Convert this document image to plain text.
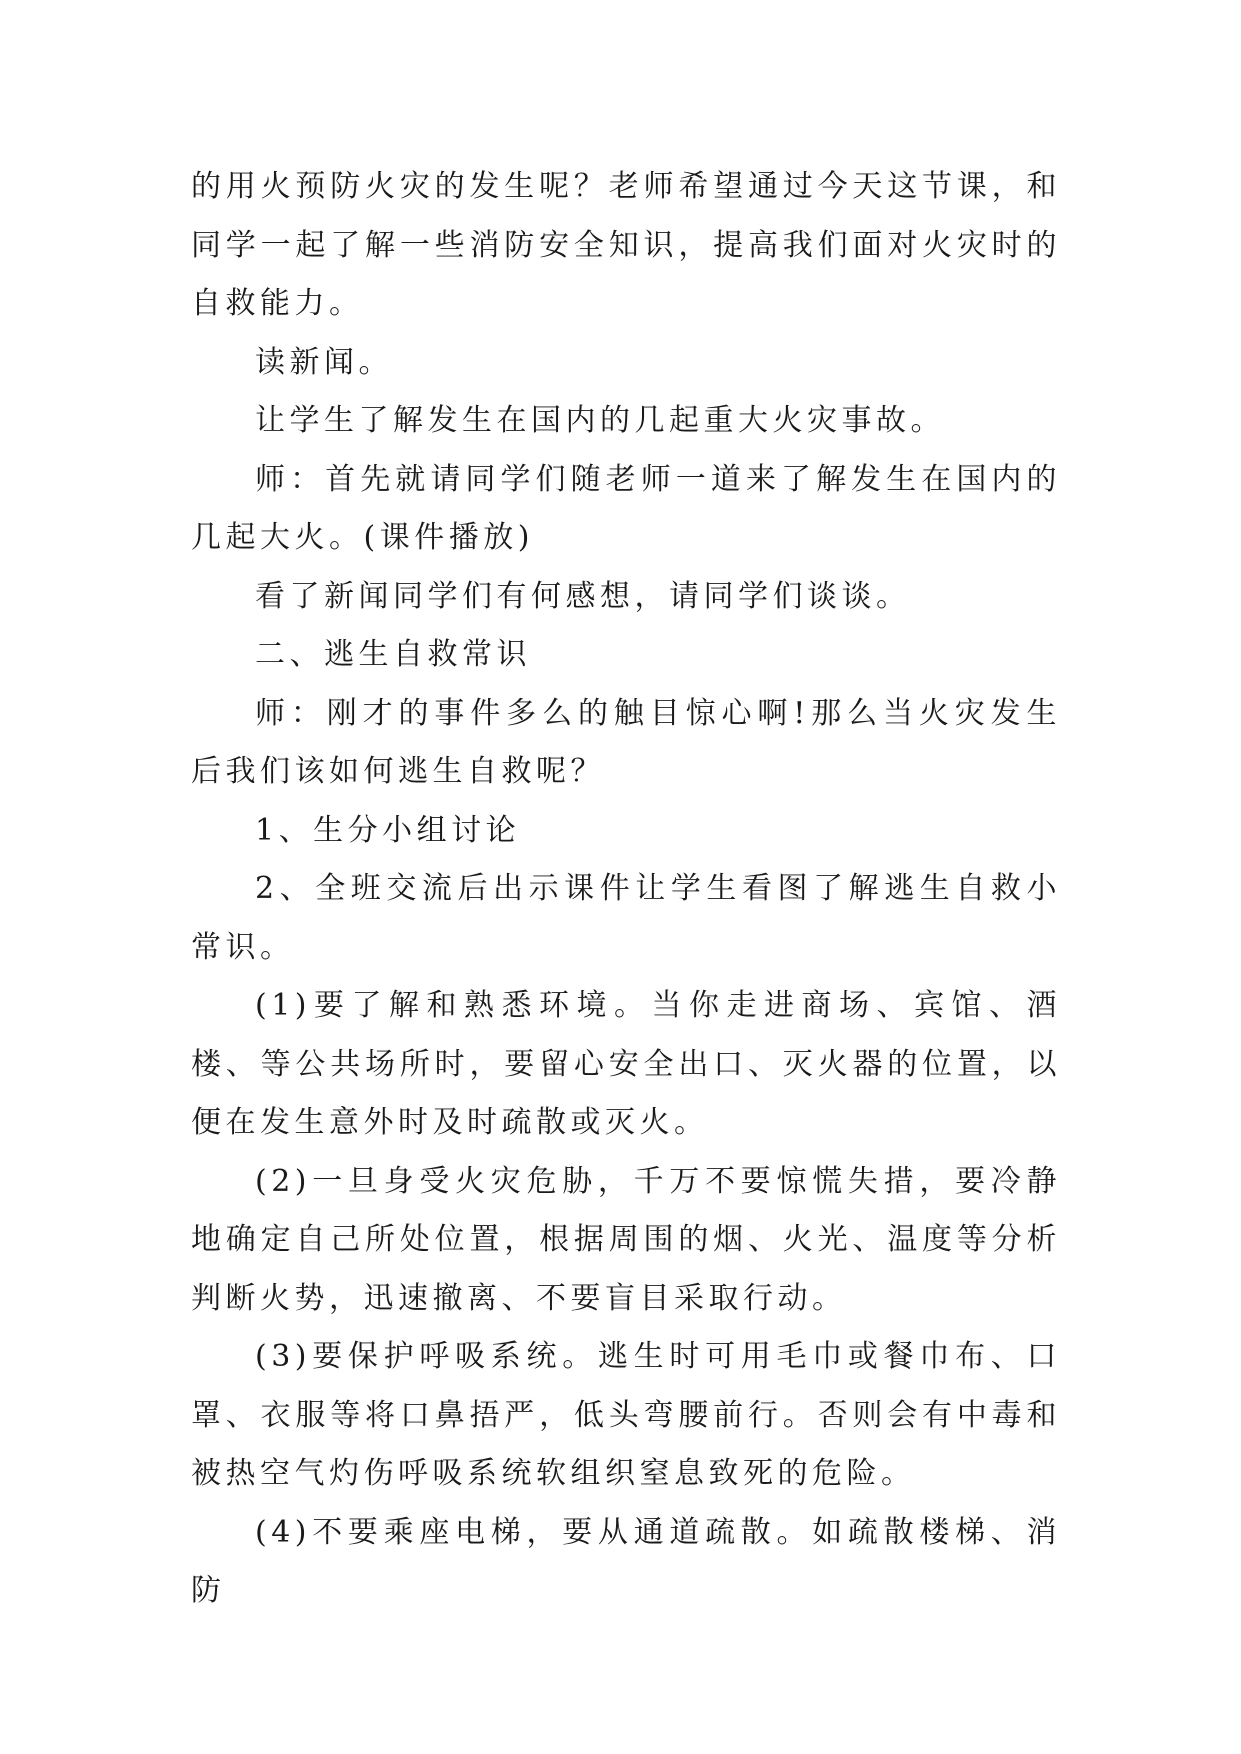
的用火预防火灾的发生呢？老师希望通过今天这节课，和同学一起了解一些消防安全知识，提高我们面对火灾时的自救能力。

读新闻。

让学生了解发生在国内的几起重大火灾事故。

师：首先就请同学们随老师一道来了解发生在国内的几起大火。(课件播放)

看了新闻同学们有何感想，请同学们谈谈。

二、逃生自救常识

师：刚才的事件多么的触目惊心啊!那么当火灾发生后我们该如何逃生自救呢？

1、生分小组讨论

2、全班交流后出示课件让学生看图了解逃生自救小常识。

(1)要了解和熟悉环境。当你走进商场、宾馆、酒楼、等公共场所时，要留心安全出口、灭火器的位置，以便在发生意外时及时疏散或灭火。

(2)一旦身受火灾危胁，千万不要惊慌失措，要冷静地确定自己所处位置，根据周围的烟、火光、温度等分析判断火势，迅速撤离、不要盲目采取行动。

(3)要保护呼吸系统。逃生时可用毛巾或餐巾布、口罩、衣服等将口鼻捂严，低头弯腰前行。否则会有中毒和被热空气灼伤呼吸系统软组织窒息致死的危险。

(4)不要乘座电梯，要从通道疏散。如疏散楼梯、消防
